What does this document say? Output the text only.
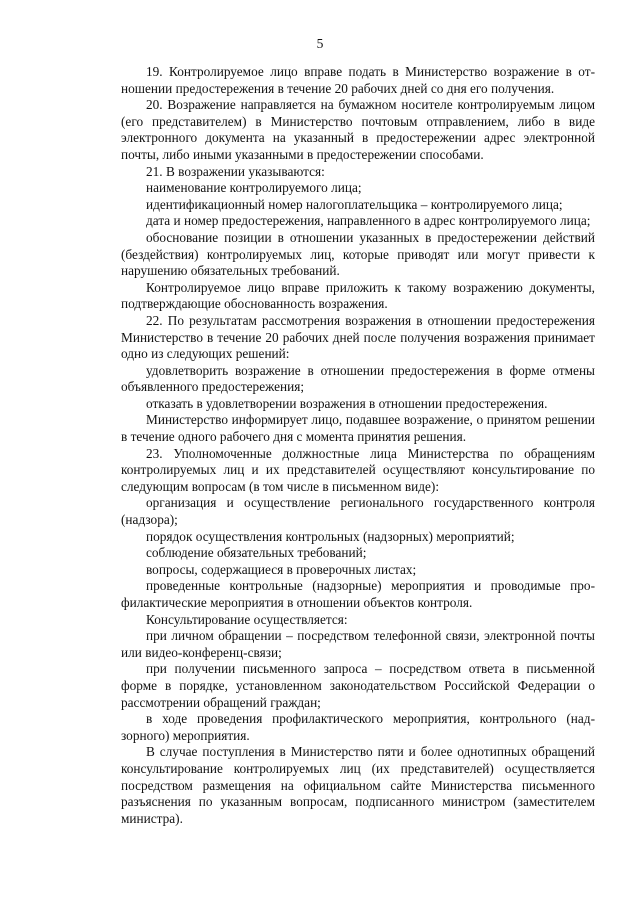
5

19. Контролируемое лицо вправе подать в Министерство возражение в отношении предостережения в течение 20 рабочих дней со дня его получения.

20. Возражение направляется на бумажном носителе контролируемым лицом (его представителем) в Министерство почтовым отправлением, либо в виде электронного документа на указанный в предостережении адрес электронной почты, либо иными указанными в предостережении способами.

21. В возражении указываются:

наименование контролируемого лица;

идентификационный номер налогоплательщика – контролируемого лица;

дата и номер предостережения, направленного в адрес контролируемого лица;

обоснование позиции в отношении указанных в предостережении действий (бездействия) контролируемых лиц, которые приводят или могут привести к нарушению обязательных требований.

Контролируемое лицо вправе приложить к такому возражению документы, подтверждающие обоснованность возражения.

22. По результатам рассмотрения возражения в отношении предостережения Министерство в течение 20 рабочих дней после получения возражения принимает одно из следующих решений:

удовлетворить возражение в отношении предостережения в форме отмены объявленного предостережения;

отказать в удовлетворении возражения в отношении предостережения.

Министерство информирует лицо, подавшее возражение, о принятом решении в течение одного рабочего дня с момента принятия решения.

23. Уполномоченные должностные лица Министерства по обращениям контролируемых лиц и их представителей осуществляют консультирование по следующим вопросам (в том числе в письменном виде):

организация и осуществление регионального государственного контроля (надзора);

порядок осуществления контрольных (надзорных) мероприятий;

соблюдение обязательных требований;

вопросы, содержащиеся в проверочных листах;

проведенные контрольные (надзорные) мероприятия и проводимые профилактические мероприятия в отношении объектов контроля.

Консультирование осуществляется:

при личном обращении – посредством телефонной связи, электронной почты или видео-конференц-связи;

при получении письменного запроса – посредством ответа в письменной форме в порядке, установленном законодательством Российской Федерации о рассмотрении обращений граждан;

в ходе проведения профилактического мероприятия, контрольного (надзорного) мероприятия.

В случае поступления в Министерство пяти и более однотипных обращений консультирование контролируемых лиц (их представителей) осуществляется посредством размещения на официальном сайте Министерства письменного разъяснения по указанным вопросам, подписанного министром (заместителем министра).
